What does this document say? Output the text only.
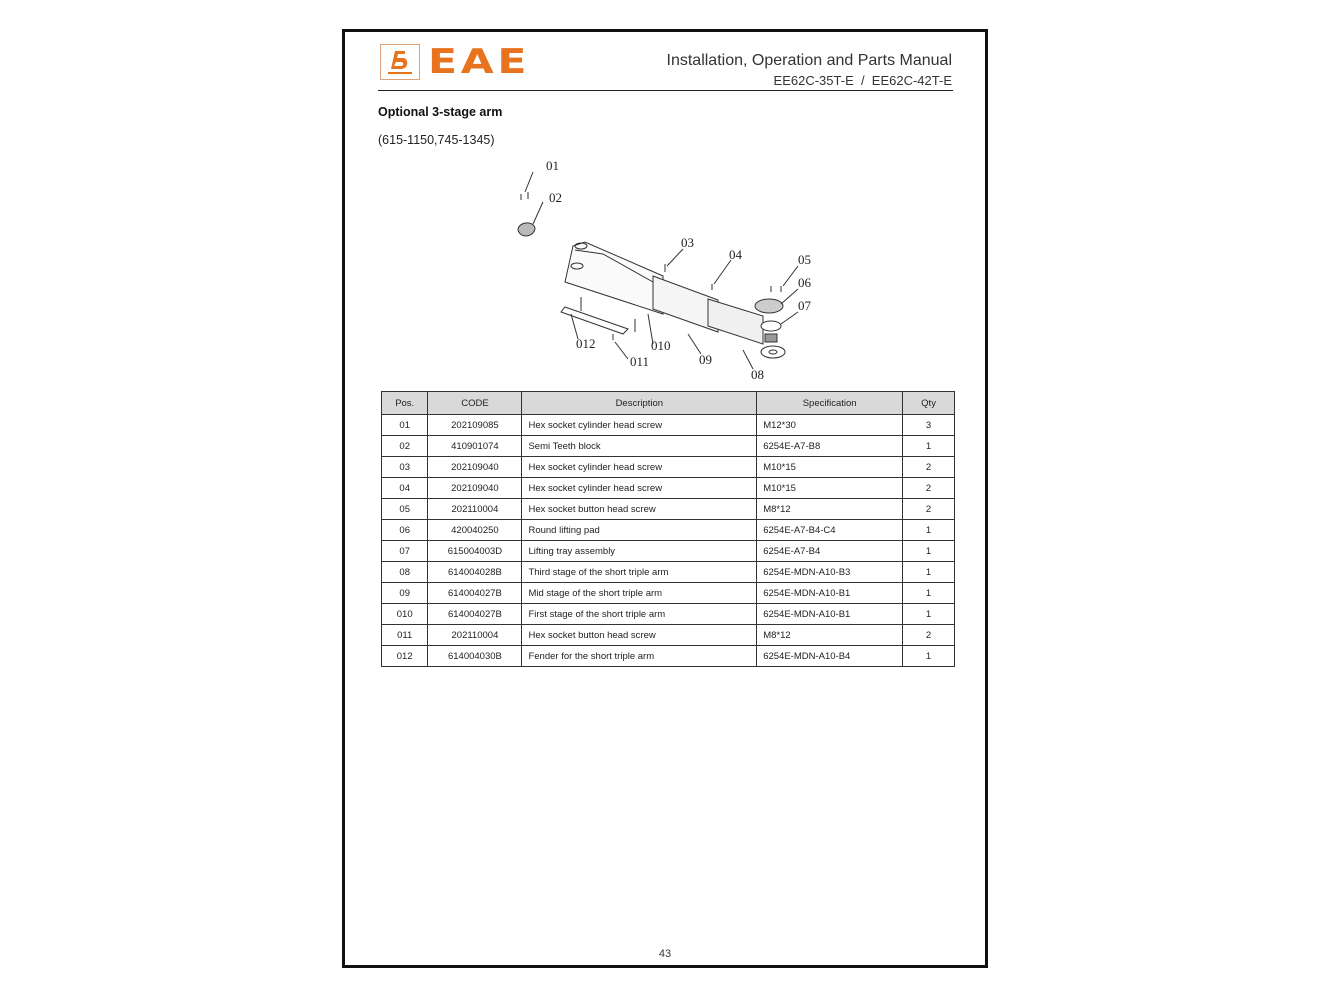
EAE	Installation, Operation and Parts Manual
EE62C-35T-E  /  EE62C-42T-E
Optional 3-stage arm
(615-1150,745-1345)
01
02
03
04	05
06
07
08
09
010
011
012
Pos.	CODE	Description	Specification	Qty
01	202109085	Hex socket cylinder head screw	M12*30	3
02	410901074	Semi Teeth block	6254E-A7-B8	1
03	202109040	Hex socket cylinder head screw	M10*15	2
04	202109040	Hex socket cylinder head screw	M10*15	2
05	202110004	Hex socket button head screw	M8*12	2
06	420040250	Round lifting pad	6254E-A7-B4-C4	1
07	615004003D	Lifting tray assembly	6254E-A7-B4	1
08	614004028B	Third stage of the short triple arm	6254E-MDN-A10-B3	1
09	614004027B	Mid stage of the short triple arm	6254E-MDN-A10-B1	1
010	614004027B	First stage of the short triple arm	6254E-MDN-A10-B1	1
011	202110004	Hex socket button head screw	M8*12	2
012	614004030B	Fender for the short triple arm	6254E-MDN-A10-B4	1
43
